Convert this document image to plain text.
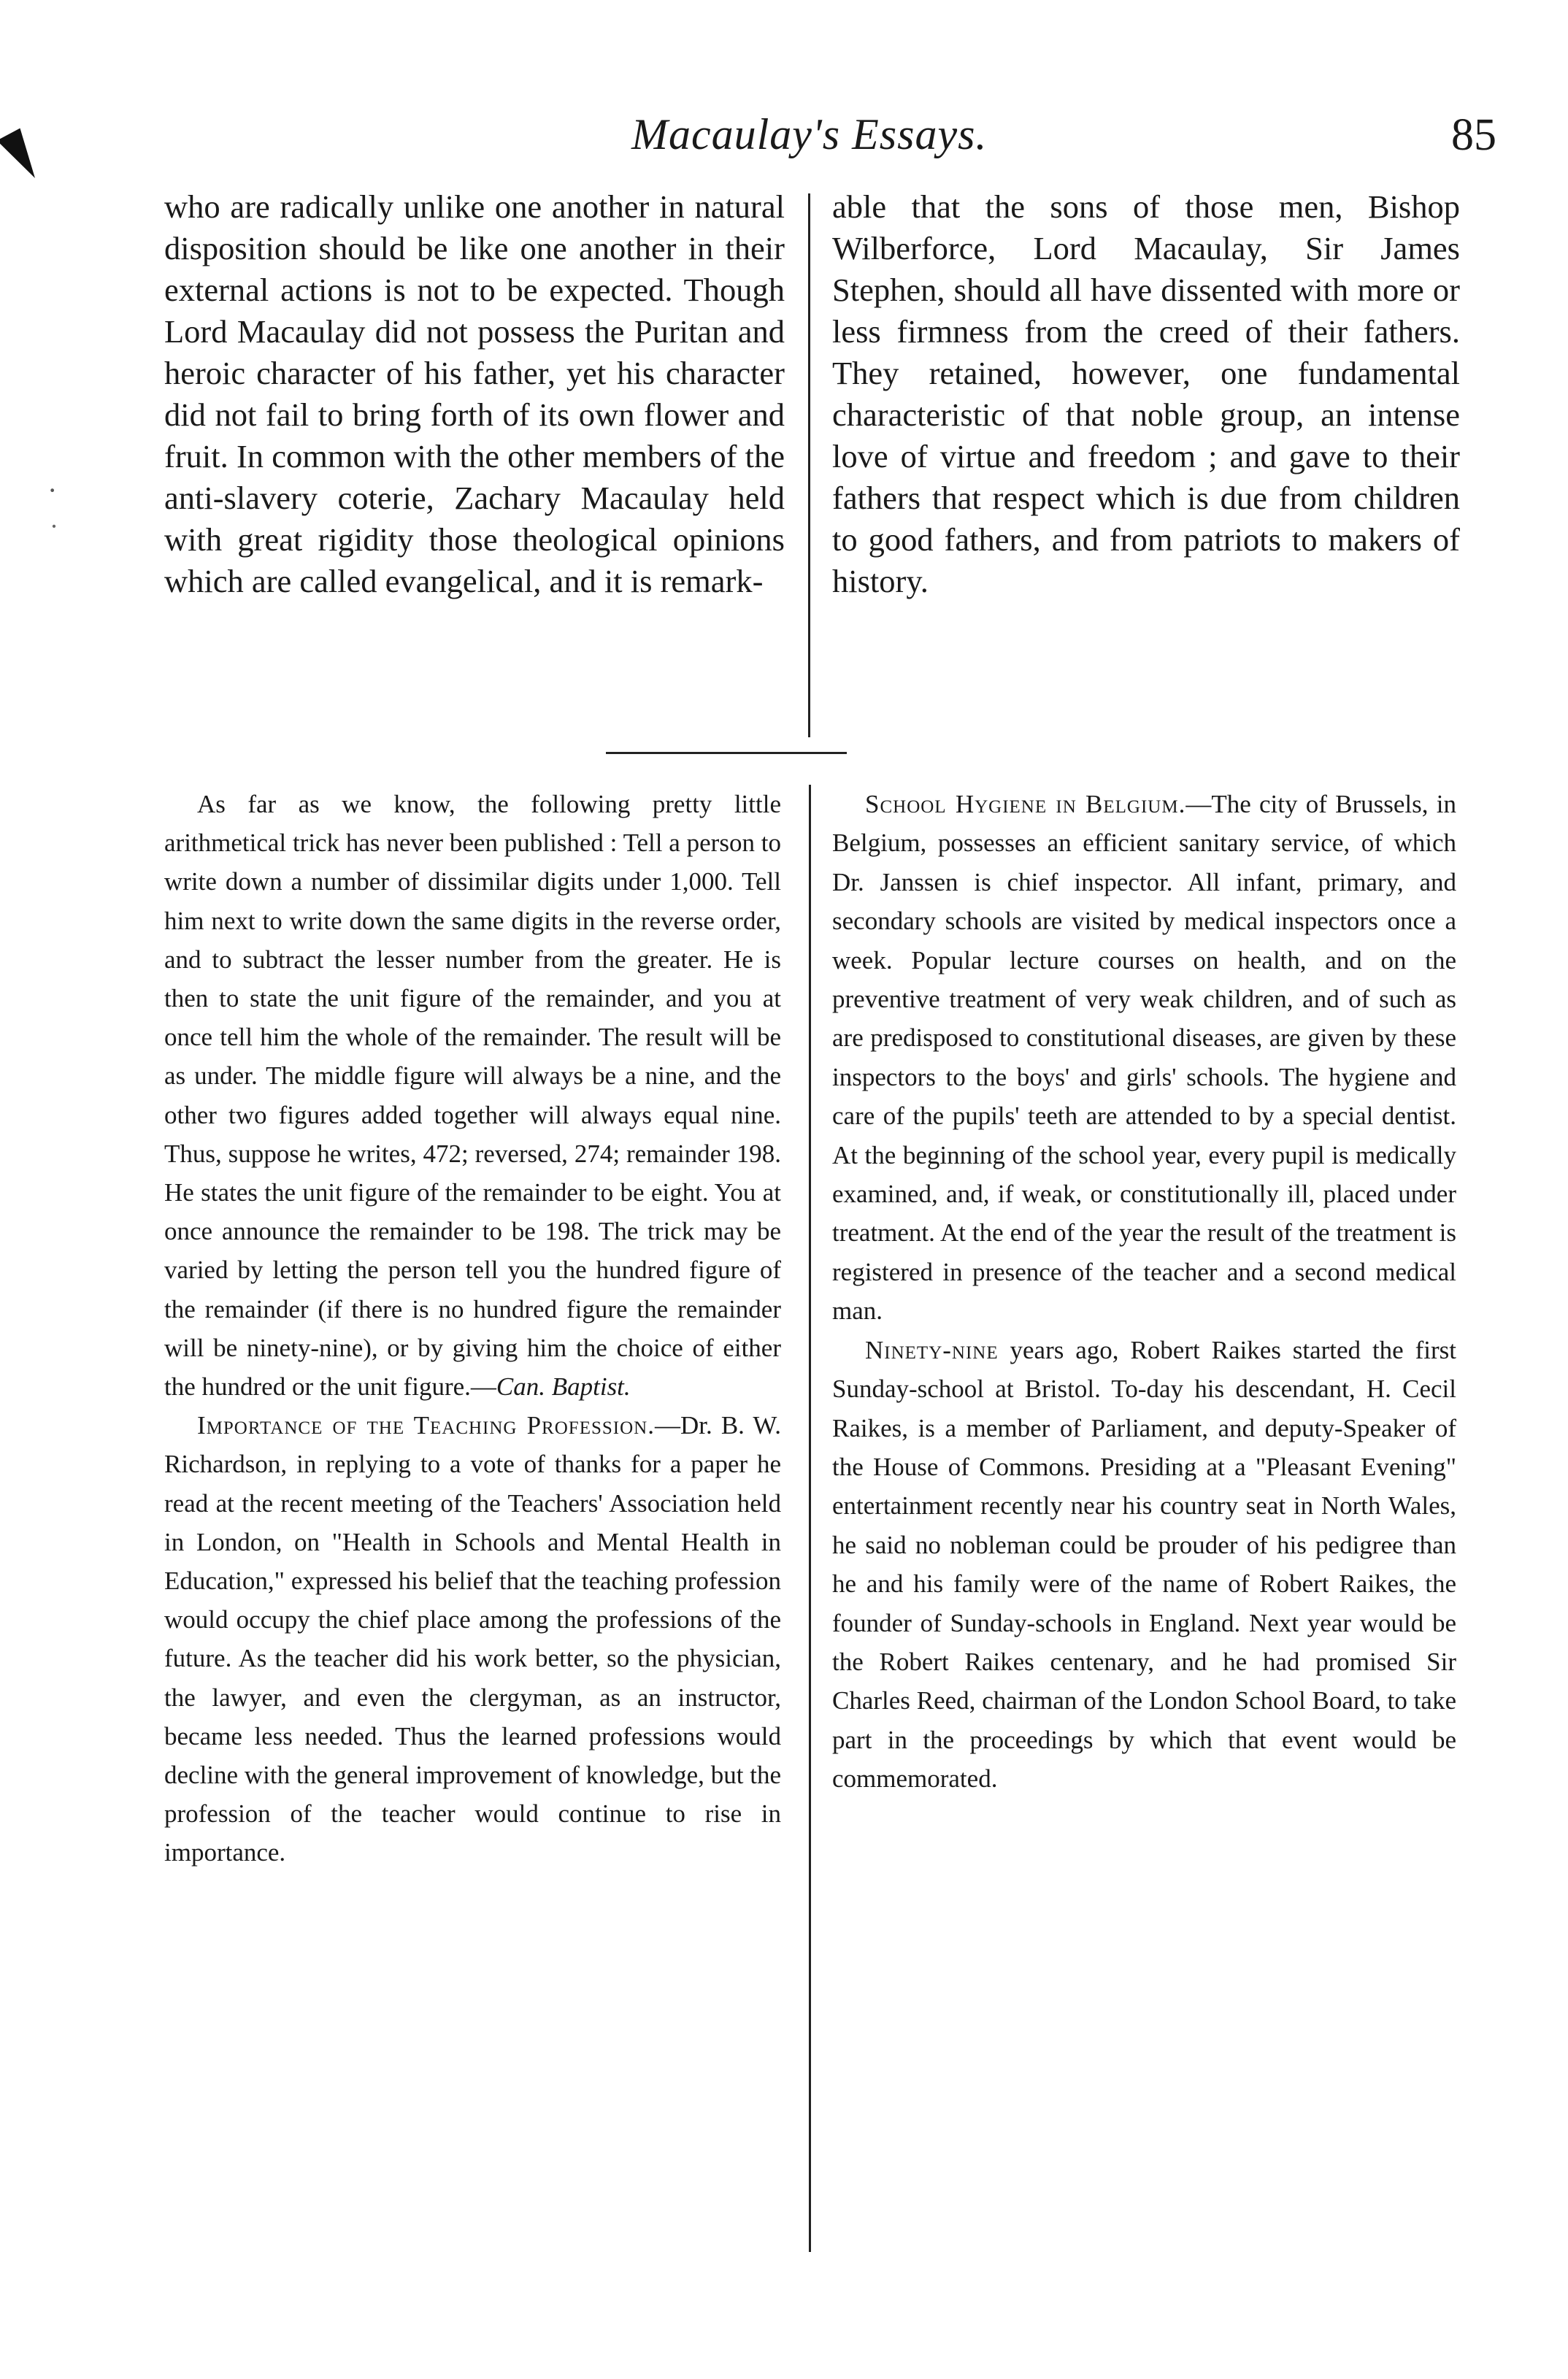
·
·
Macaulay's Essays.	85

who are radically unlike one another in natural disposition should be like one another in their external actions is not to be expected. Though Lord Macaulay did not possess the Puritan and heroic character of his father, yet his character did not fail to bring forth of its own flower and fruit. In common with the other members of the anti-slavery coterie, Zachary Macaulay held with great rigidity those theological opinions which are called evangelical, and it is remark-

able that the sons of those men, Bishop Wilberforce, Lord Macaulay, Sir James Stephen, should all have dissented with more or less firmness from the creed of their fathers. They retained, however, one fundamental characteristic of that noble group, an intense love of virtue and freedom ; and gave to their fathers that respect which is due from children to good fathers, and from patriots to makers of history.

As far as we know, the following pretty little arithmetical trick has never been published : Tell a person to write down a number of dissimilar digits under 1,000. Tell him next to write down the same digits in the reverse order, and to subtract the lesser number from the greater. He is then to state the unit figure of the remainder, and you at once tell him the whole of the remainder. The result will be as under. The middle figure will always be a nine, and the other two figures added together will always equal nine. Thus, suppose he writes, 472; reversed, 274; remainder 198. He states the unit figure of the remainder to be eight. You at once announce the remainder to be 198. The trick may be varied by letting the person tell you the hundred figure of the remainder (if there is no hundred figure the remainder will be ninety-nine), or by giving him the choice of either the hundred or the unit figure.—Can. Baptist.

Importance of the Teaching Profession.—Dr. B. W. Richardson, in replying to a vote of thanks for a paper he read at the recent meeting of the Teachers' Association held in London, on "Health in Schools and Mental Health in Education," expressed his belief that the teaching profession would occupy the chief place among the professions of the future. As the teacher did his work better, so the physician, the lawyer, and even the clergyman, as an instructor, became less needed. Thus the learned professions would decline with the general improvement of knowledge, but the profession of the teacher would continue to rise in importance.

School Hygiene in Belgium.—The city of Brussels, in Belgium, possesses an efficient sanitary service, of which Dr. Janssen is chief inspector. All infant, primary, and secondary schools are visited by medical inspectors once a week. Popular lecture courses on health, and on the preventive treatment of very weak children, and of such as are predisposed to constitutional diseases, are given by these inspectors to the boys' and girls' schools. The hygiene and care of the pupils' teeth are attended to by a special dentist. At the beginning of the school year, every pupil is medically examined, and, if weak, or constitutionally ill, placed under treatment. At the end of the year the result of the treatment is registered in presence of the teacher and a second medical man.

Ninety-nine years ago, Robert Raikes started the first Sunday-school at Bristol. To-day his descendant, H. Cecil Raikes, is a member of Parliament, and deputy-Speaker of the House of Commons. Presiding at a "Pleasant Evening" entertainment recently near his country seat in North Wales, he said no nobleman could be prouder of his pedigree than he and his family were of the name of Robert Raikes, the founder of Sunday-schools in England. Next year would be the Robert Raikes centenary, and he had promised Sir Charles Reed, chairman of the London School Board, to take part in the proceedings by which that event would be commemorated.
